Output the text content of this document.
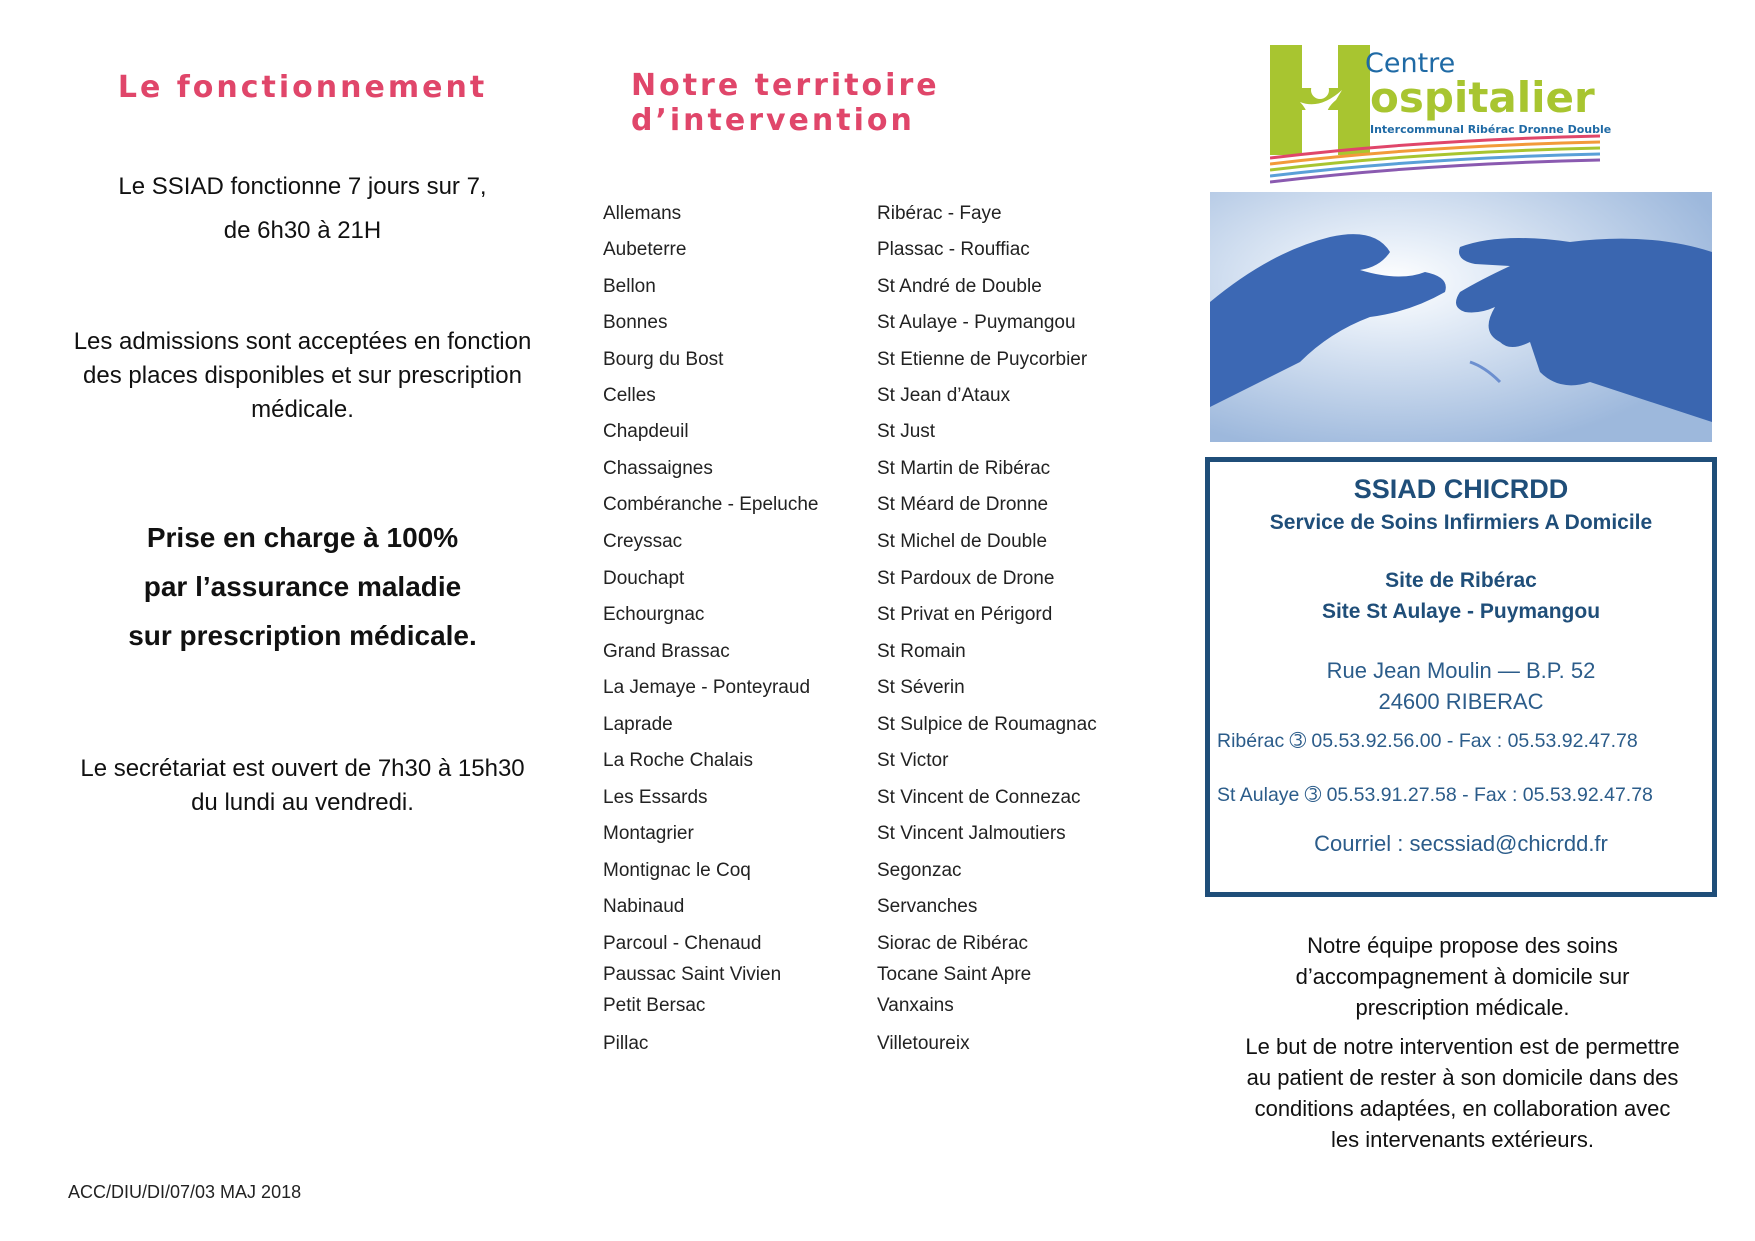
Le fonctionnement

Le SSIAD fonctionne 7 jours sur 7,

de 6h30 à 21H

Les admissions sont acceptées en fonction

des places disponibles et sur prescription

médicale.

Prise en charge à 100%

par l’assurance maladie

sur prescription médicale.

Le secrétariat est ouvert de 7h30 à 15h30

du lundi au vendredi.

ACC/DIU/DI/07/03 MAJ 2018
Notre territoire d’intervention
Allemans	Ribérac - Faye
Aubeterre	Plassac - Rouffiac
Bellon	St André de Double
Bonnes	St Aulaye - Puymangou
Bourg du Bost	St Etienne de Puycorbier
Celles	St Jean d’Ataux
Chapdeuil	St Just
Chassaignes	St Martin de Ribérac
Combéranche - Epeluche	St Méard de Dronne
Creyssac	St Michel de Double
Douchapt	St Pardoux de Drone
Echourgnac	St Privat en Périgord
Grand Brassac	St Romain
La Jemaye - Ponteyraud	St Séverin
Laprade	St Sulpice de Roumagnac
La Roche Chalais	St Victor
Les Essards	St Vincent de Connezac
Montagrier	St Vincent Jalmoutiers
Montignac le Coq	Segonzac
Nabinaud	Servanches
Parcoul - Chenaud	Siorac de Ribérac
Paussac Saint Vivien	Tocane Saint Apre
Petit Bersac	Vanxains
Pillac	Villetoureix
Centre
ospitalier
Intercommunal Ribérac Dronne Double
SSIAD CHICRDD
Service de Soins Infirmiers A Domicile
Site de Ribérac
Site St Aulaye - Puymangou
Rue Jean Moulin — B.P. 52
24600 RIBERAC
Ribérac ➂ 05.53.92.56.00 - Fax : 05.53.92.47.78
St Aulaye ➂ 05.53.91.27.58 - Fax : 05.53.92.47.78
Courriel : secssiad@chicrdd.fr

Notre équipe propose des soins
d’accompagnement à domicile sur
prescription médicale.

Le but de notre intervention est de permettre
au patient de rester à son domicile dans des
conditions adaptées, en collaboration avec
les intervenants extérieurs.
